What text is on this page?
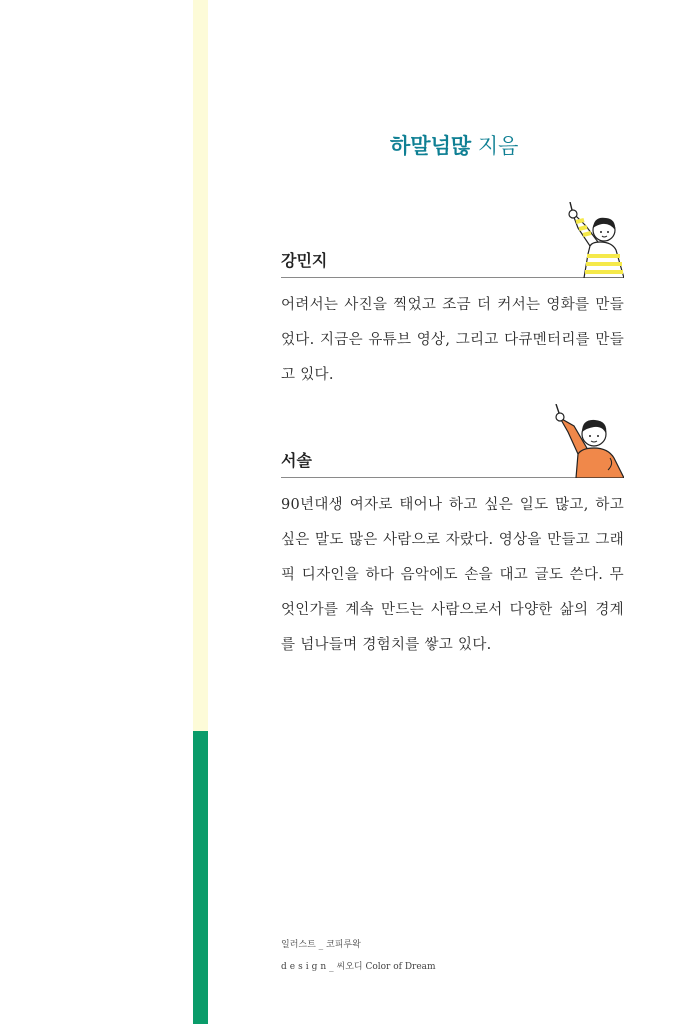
하말넘많 지음
강민지

어려서는 사진을 찍었고 조금 더 커서는 영화를 만들었다. 지금은 유튜브 영상, 그리고 다큐멘터리를 만들고 있다.

서솔

90년대생 여자로 태어나 하고 싶은 일도 많고, 하고 싶은 말도 많은 사람으로 자랐다. 영상을 만들고 그래픽 디자인을 하다 음악에도 손을 대고 글도 쓴다. 무엇인가를 계속 만드는 사람으로서 다양한 삶의 경계를 넘나들며 경험치를 쌓고 있다.

일러스트 _ 코피루왁
design_ 씨오디 Color of Dream
